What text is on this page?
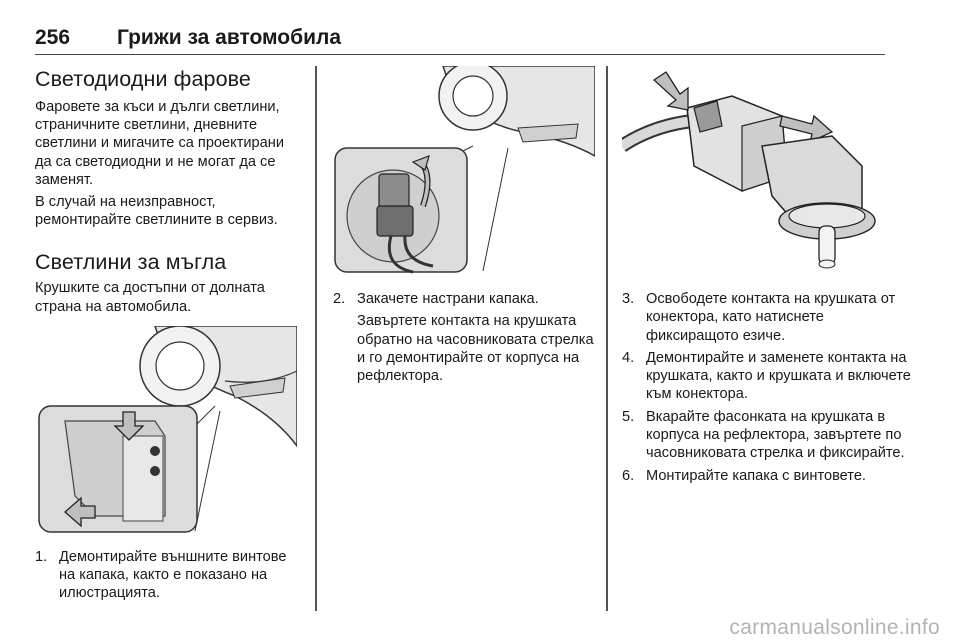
256 Грижи за автомобила
Светодиодни фарове

Фаровете за къси и дълги светлини, страничните светлини, дневните светлини и мигачите са проектирани да са светодиодни и не могат да се заменят.

В случай на неизправност, ремонтирайте светлините в сервиз.

Светлини за мъгла

Крушките са достъпни от долната страна на автомобила.

1. Демонтирайте външните винтове на капака, както е показано на илюстрацията.
2. Закачете настрани капака.
Завъртете контакта на крушката обратно на часовниковата стрелка и го демонтирайте от корпуса на рефлектора.
3. Освободете контакта на крушката от конектора, като натиснете фиксиращото езиче.
4. Демонтирайте и заменете контакта на крушката, както и крушката и включете към конектора.
5. Вкарайте фасонката на крушката в корпуса на рефлектора, завъртете по часовниковата стрелка и фиксирайте.
6. Монтирайте капака с винтовете.
carmanualsonline.info
